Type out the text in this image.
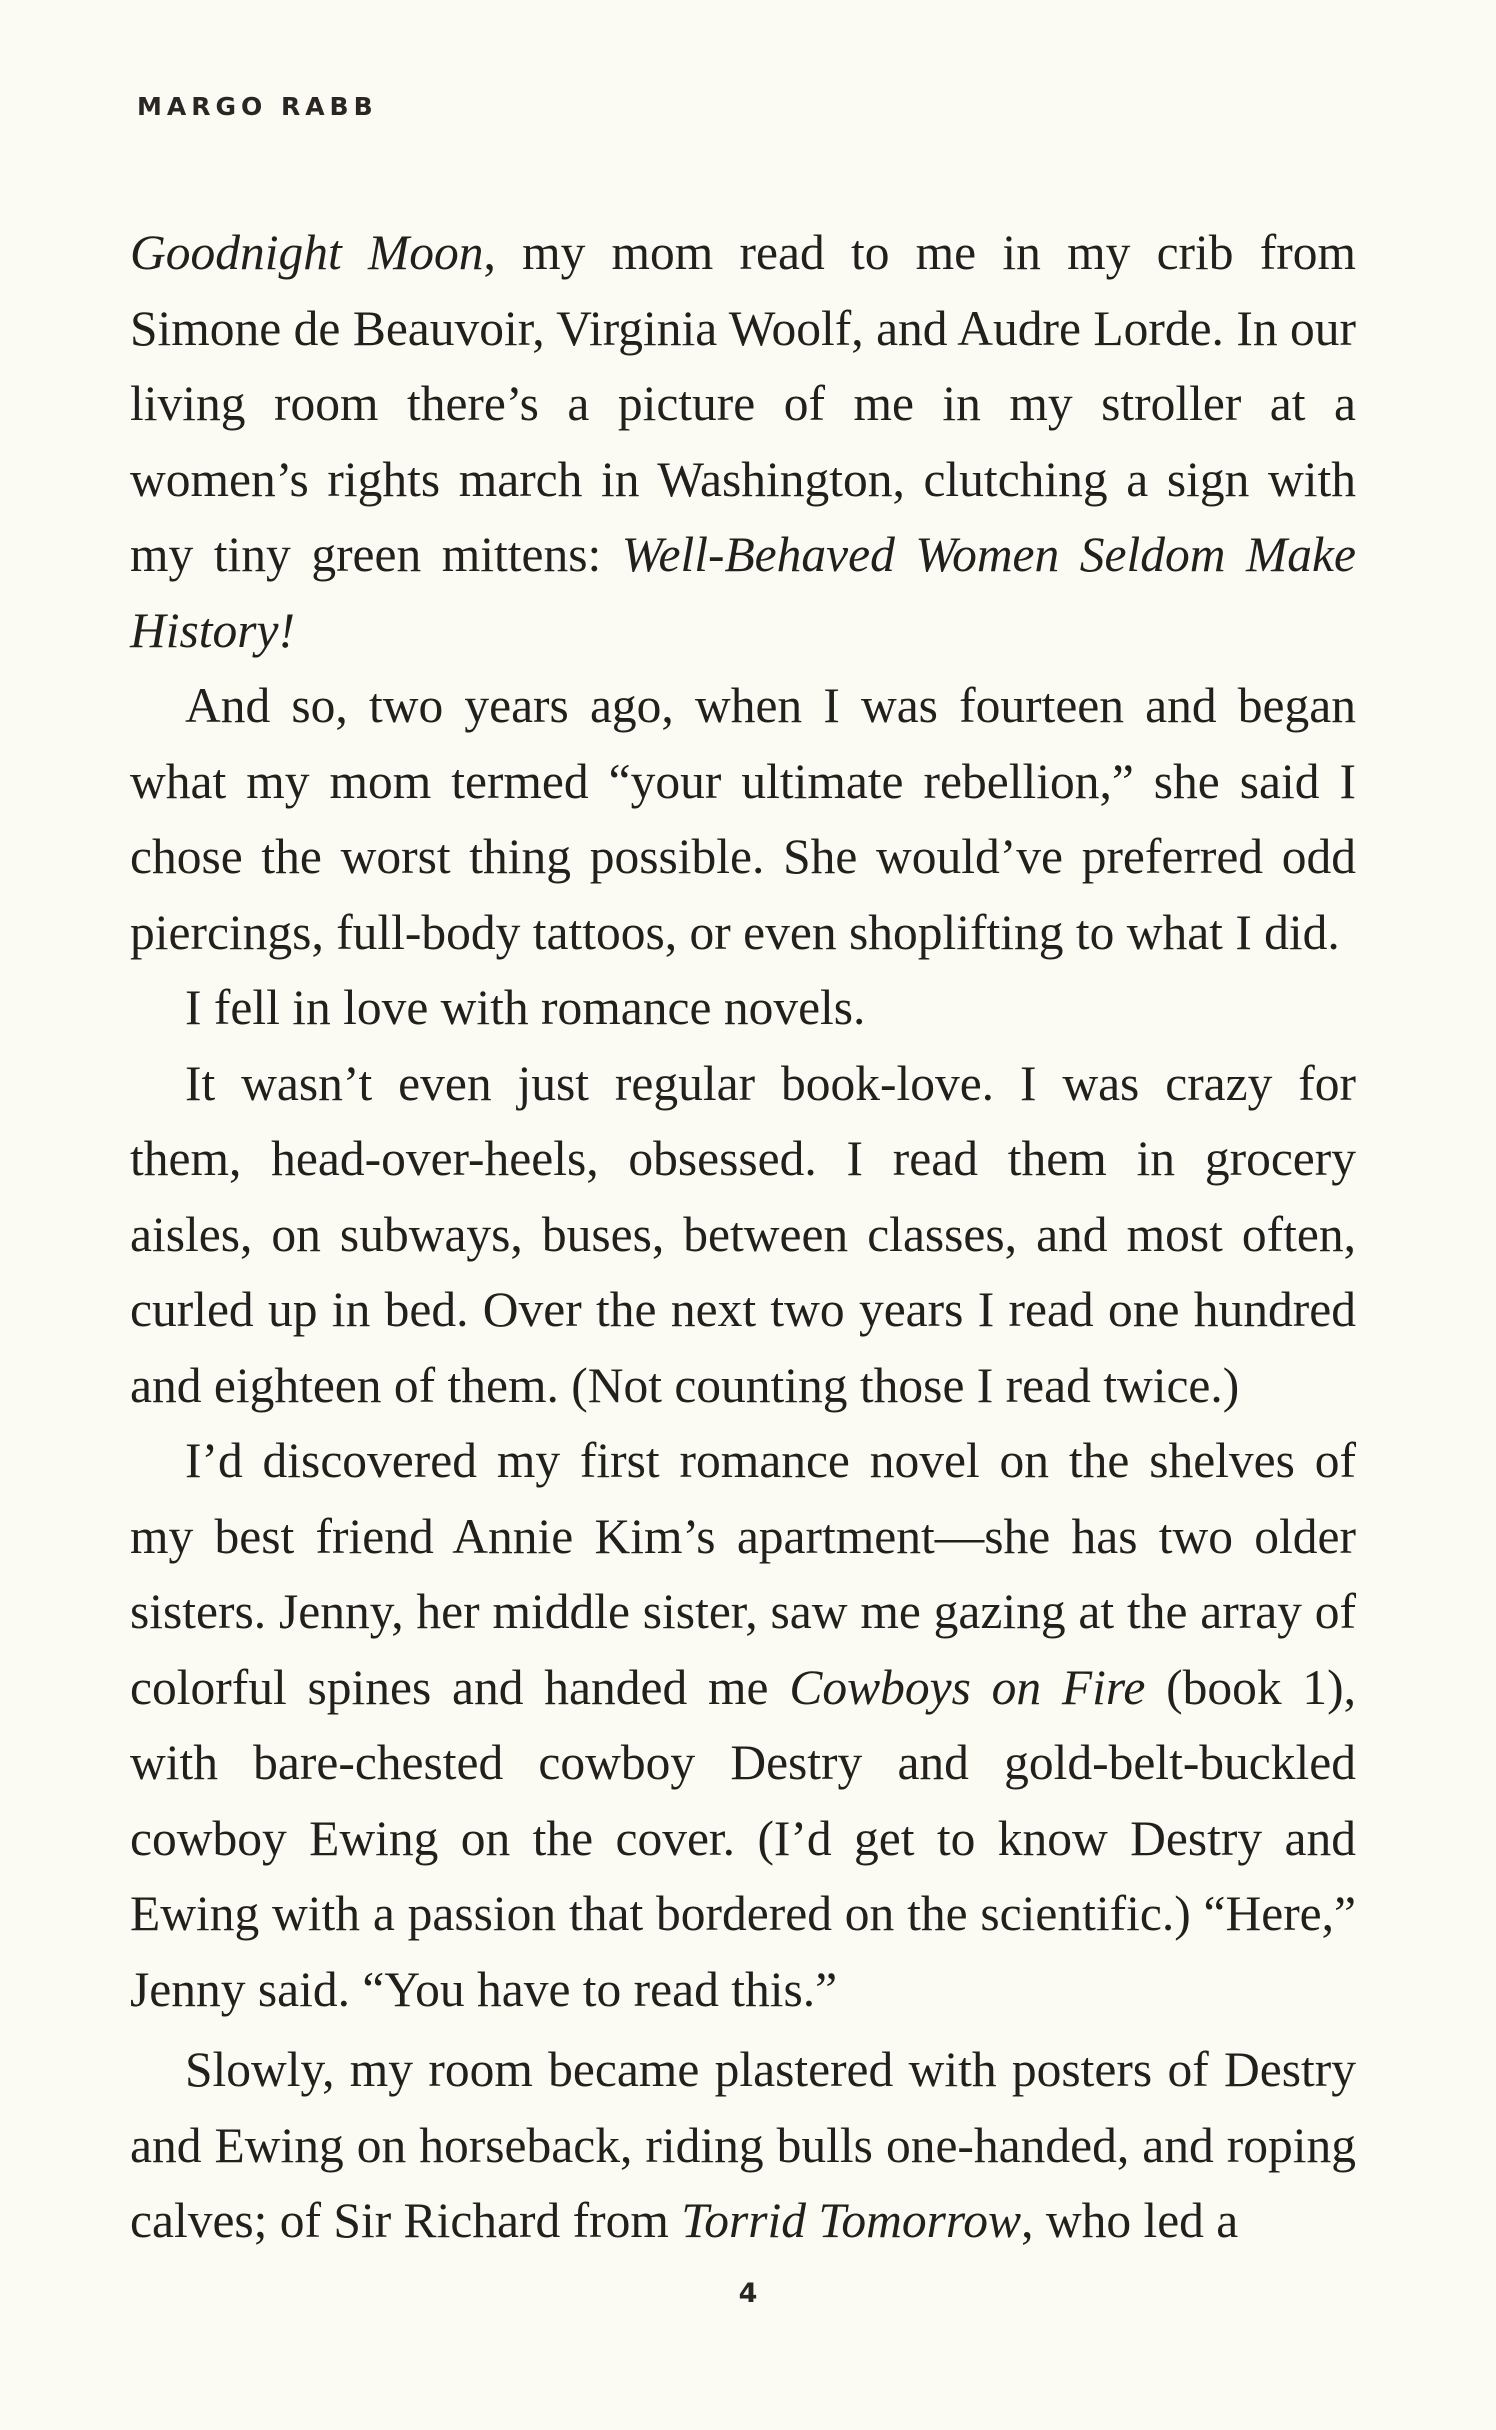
MARGO RABB

Goodnight Moon, my mom read to me in my crib from Simone de Beauvoir, Virginia Woolf, and Audre Lorde. In our living room there’s a picture of me in my stroller at a women’s rights march in Washington, clutching a sign with my tiny green mittens: Well-Behaved Women Seldom Make History!

And so, two years ago, when I was fourteen and began what my mom termed “your ultimate rebellion,” she said I chose the worst thing possible. She would’ve preferred odd piercings, full-body tattoos, or even shoplifting to what I did.

I fell in love with romance novels.

It wasn’t even just regular book-love. I was crazy for them, head-over-heels, obsessed. I read them in grocery aisles, on subways, buses, between classes, and most often, curled up in bed. Over the next two years I read one hundred and eighteen of them. (Not counting those I read twice.)

I’d discovered my first romance novel on the shelves of my best friend Annie Kim’s apartment—she has two older sisters. Jenny, her middle sister, saw me gazing at the array of colorful spines and handed me Cowboys on Fire (book 1), with bare-chested cowboy Destry and gold-belt-buckled cowboy Ewing on the cover. (I’d get to know Destry and Ewing with a passion that bordered on the scientific.) “Here,” Jenny said. “You have to read this.”

Slowly, my room became plastered with posters of Destry and Ewing on horseback, riding bulls one-handed, and roping calves; of Sir Richard from Torrid Tomorrow, who led a

4
